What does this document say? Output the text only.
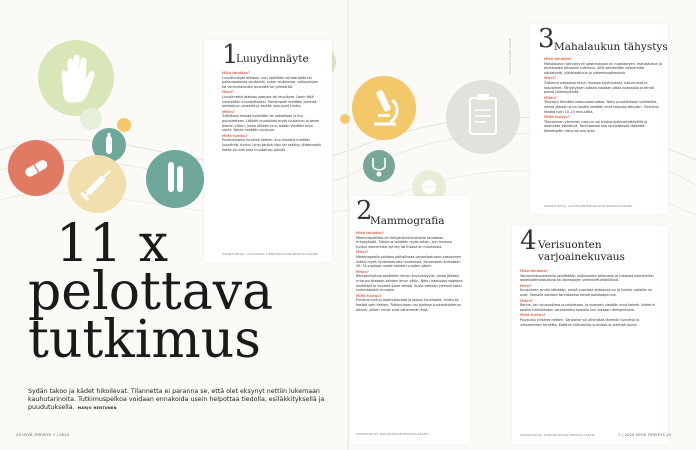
1
Luuydinnäyte
Mikä tehdään?

Luuydinnäyte otetaan, kun epäillään verisairaaita tai pahanlaatuista veritautia, kuten leukemiaa, valkosolujen tai verihiutaleiden puutetta tai ylimäärää.

Miksi?

Luuytimestä otetaan koepala tai imunäyte. Usein tätä nimitetään imunäytteeksi. Toimenpide tehdään yleensä lonkkaluun alueelta ja kestää noin puoli tuntia.

Miten?

Tutkittava makaa kyljellään tai vatsallaan ja iho puudutetaan. Lääkäri puuduttaa myös luukalvon ja tekee pienen viillon, jonka jälkeen luun sisään viedään ohut neula. Näyte imetään ruiskuun.

Miltä tuntuu?

Puudutusaine kirvelee hetken. Kun neulalla imetään luuydintä, tuntuu lyhyt terävä kipu tai vetäisy. Jälkeenpäin kohta voi olla arka muutaman päivän.

ASIANTUNTIJA: YLILÄÄKÄRI, HEMATOLOGIAN ERIKOISLÄÄKÄRI
2
Mammografia
Mikä tehdään?

Mammografialla eli röntgentutkimuksella seulotaan rintasyöpää. Tutkimus tehdään myös silloin, jos rinnassa tuntuu esimerkiksi kyhmy tai ihossa on muutoksia.

Miksi?

Mammografia voidaan paikallistaa pahanlaatuisen kasvaimen lisäksi myös hyvänlaatuisia muutoksia. Seulontaan kutsutaan 50–74-vuotiaat naiset kahden vuoden välein.

Miten?

Röntgenhoitaja asettelee rinnan kuvauslevylle, jonka jälkeen rinta puristetaan kahden levyn väliin. Näin rintakudos saadaan levitettyä ja kuvasta tulee selkeä. Kuvia otetaan yleensä kaksi kummastakin rinnasta.

Miltä tuntuu?

Puristus tuntuu epämukavalta ja joskus kivuliaalta, mutta se kestää vain hetken. Tutkimuksen voi ajoittaa kuukautiskierron alkuun, jolloin rinnat ovat vähemmän arat.

ASIANTUNTIJA: RADIOLOGIAN ERIKOISLÄÄKÄRI
3 Mahalaukun tähystys
Mikä tehdään?

Mahalaukun tähystys eli gastroskopia on ruokatorven, mahalaukun ja ohutsuolen alkuosan tutkimus. Sillä selvitetään esimerkiksi närästystä, ylävatsakipua ja nielemisvaikeuksia.

Miksi?

Tutkimus paljastaa muun muassa tulehdukset, haavaumat ja kasvaimet. Tähystyksen aikana voidaan ottaa koepaloja ja tehdä pieniä toimenpiteitä.

Miten?

Tähystys tehdään makuuasennossa. Nielu puudutetaan suihkeella, minkä jälkeen suun kautta viedään ohut taipuisa tähystin. Tutkimus kestää noin 10–15 minuuttia.

Miltä tuntuu?

Tähystimen vieminen nieluun voi tuntua epämiellyttävältä ja aiheuttaa yökkäilyä. Tarvittaessa saa rauhoittavaa lääkettä. Jälkeenpäin nielu voi olla arka.

ASIANTUNTIJA: GASTROENTEROLOGIAN ERIKOISLÄÄKÄRI
4 Verisuonten varjoainekuvaus
Mikä tehdään?

Varjoainekuvauksella selvitetään valtimoiden ahtaumia ja tukoksia esimerkiksi sepelvaltimotaudissa tai alaraajojen verenkiertohäiriöissä.

Miksi?

Kuvauksen avulla nähdään, missä suonissa ahtaumia on ja kuinka vaikeita ne ovat. Samalla voidaan tarvittaessa tehdä pallolaajennus.

Miten?

Ranne- tai nivusvaltimo puudutetaan, ja suoneen viedään ohut katetri. Katetrin kautta ruiskutetaan varjoainetta samalla kun otetaan röntgenkuvia.

Miltä tuntuu?

Puudutus kirvelee hetken. Varjoaine voi aiheuttaa lämmön tunnetta ja virtsaamisen tarvetta. Katetrin liikkumista suonissa ei yleensä tunne.

ASIANTUNTIJA: KARDIOLOGIAN ERIKOISLÄÄKÄRI
KUVITUS SAMI SAARI
11 x
pelottava
tutkimus
Sydän takoo ja kädet hikoilevat. Tilannetta ei paranna se, että olet eksynyt nettiin lukemaan kauhutarinoita. Tutkimuspelkoa voidaan ennakoida usein helpottaa tiedolla, esiläkkityksellä ja puudutuksella. MARJO HENTUNEN
24 HYVÄ TERVEYS 7 / 2024	7 / 2024 HYVÄ TERVEYS 25
